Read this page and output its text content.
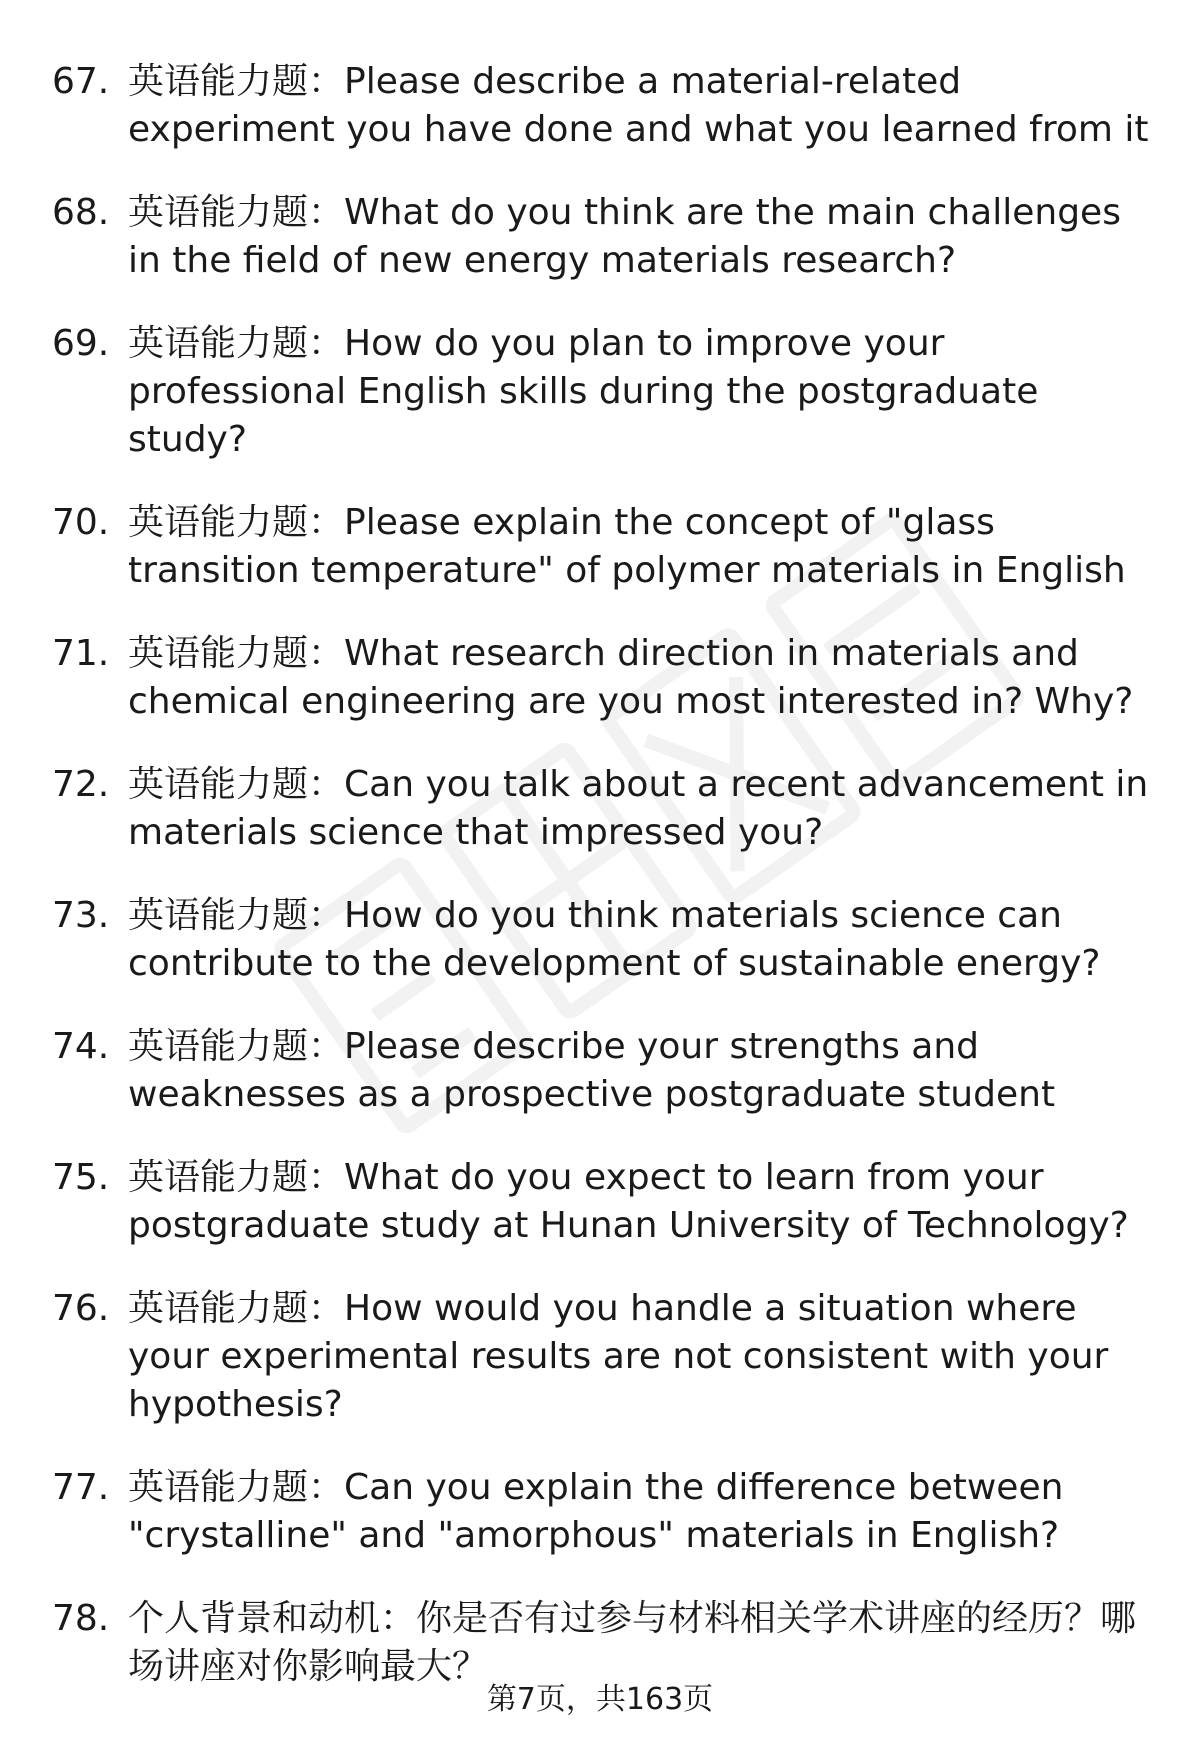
67. 英语能力题：Please describe a material-related experiment you have done and what you learned from it
68. 英语能力题：What do you think are the main challenges in the field of new energy materials research?
69. 英语能力题：How do you plan to improve your professional English skills during the postgraduate study?
70. 英语能力题：Please explain the concept of "glass transition temperature" of polymer materials in English
71. 英语能力题：What research direction in materials and chemical engineering are you most interested in? Why?
72. 英语能力题：Can you talk about a recent advancement in materials science that impressed you?
73. 英语能力题：How do you think materials science can contribute to the development of sustainable energy?
74. 英语能力题：Please describe your strengths and weaknesses as a prospective postgraduate student
75. 英语能力题：What do you expect to learn from your postgraduate study at Hunan University of Technology?
76. 英语能力题：How would you handle a situation where your experimental results are not consistent with your hypothesis?
77. 英语能力题：Can you explain the difference between "crystalline" and "amorphous" materials in English?
78. 个人背景和动机：你是否有过参与材料相关学术讲座的经历？哪场讲座对你影响最大？
第7页，共163页
